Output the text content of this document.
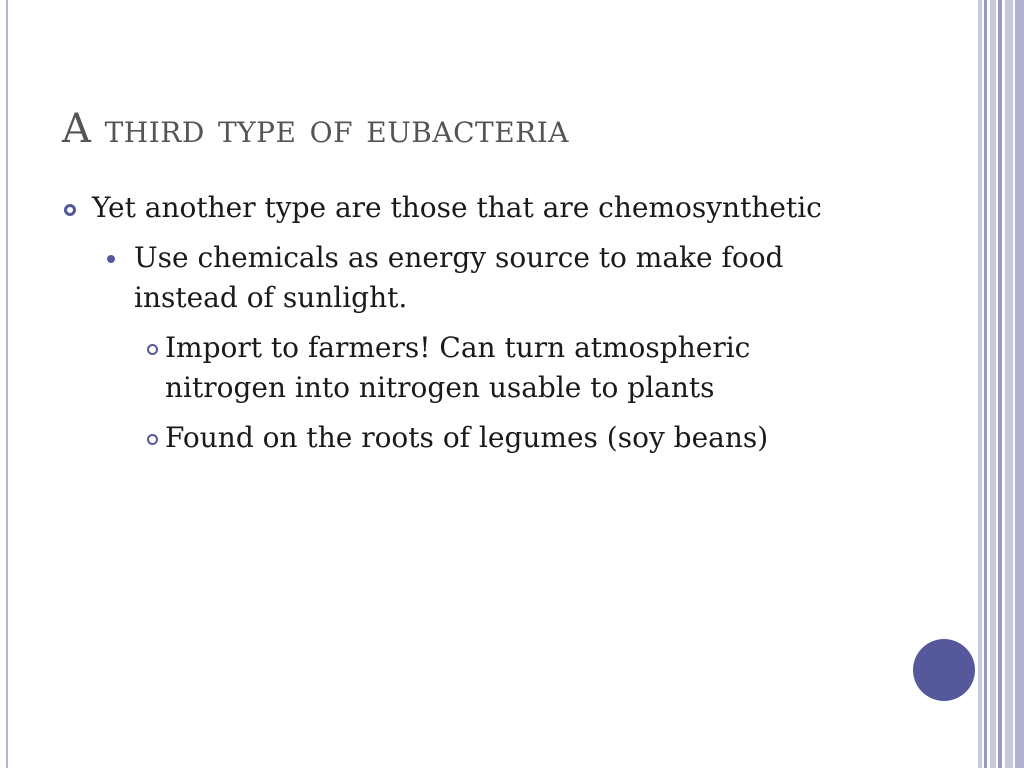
A third type of eubacteria
Yet another type are those that are chemosynthetic
Use chemicals as energy source to make food instead of sunlight.
Import to farmers! Can turn atmospheric nitrogen into nitrogen usable to plants
Found on the roots of legumes (soy beans)
